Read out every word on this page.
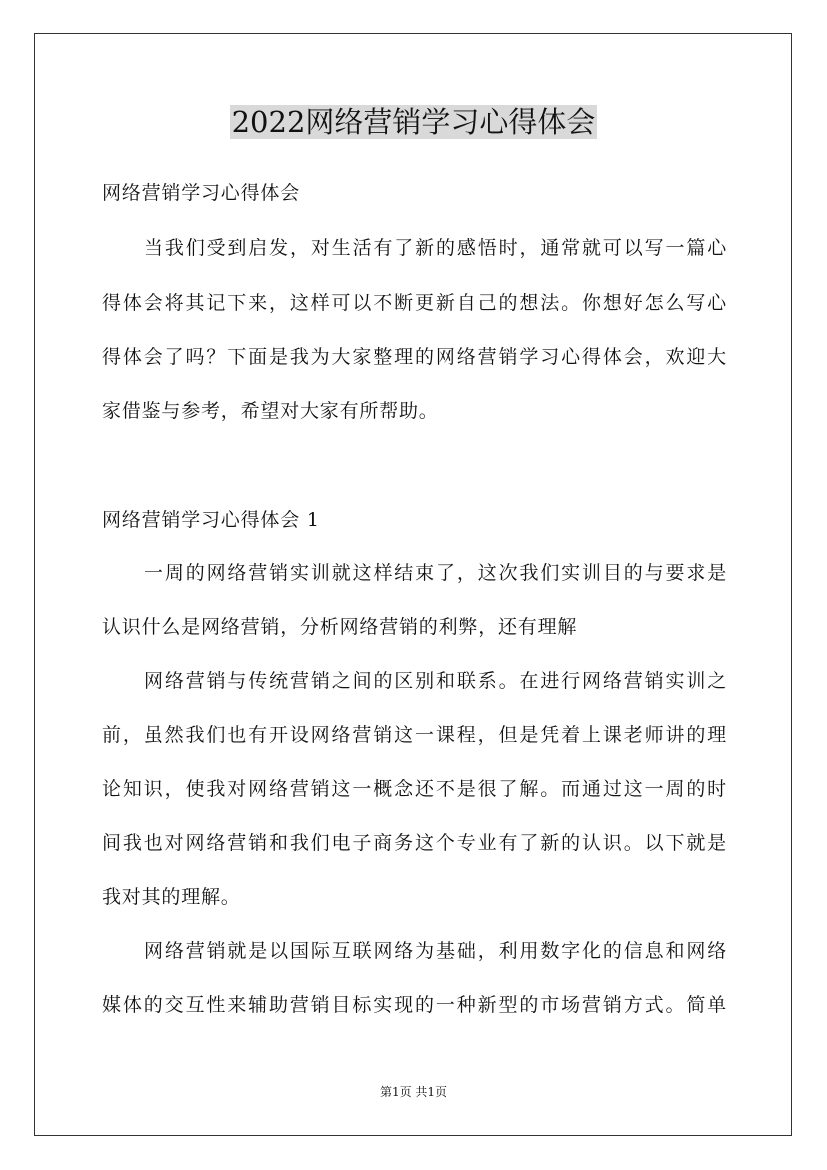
2022网络营销学习心得体会
网络营销学习心得体会
当我们受到启发，对生活有了新的感悟时，通常就可以写一篇心
得体会将其记下来，这样可以不断更新自己的想法。你想好怎么写心
得体会了吗？下面是我为大家整理的网络营销学习心得体会，欢迎大
家借鉴与参考，希望对大家有所帮助。
网络营销学习心得体会 1
一周的网络营销实训就这样结束了，这次我们实训目的与要求是
认识什么是网络营销，分析网络营销的利弊，还有理解
网络营销与传统营销之间的区别和联系。在进行网络营销实训之
前，虽然我们也有开设网络营销这一课程，但是凭着上课老师讲的理
论知识，使我对网络营销这一概念还不是很了解。而通过这一周的时
间我也对网络营销和我们电子商务这个专业有了新的认识。以下就是
我对其的理解。
网络营销就是以国际互联网络为基础，利用数字化的信息和网络
媒体的交互性来辅助营销目标实现的一种新型的市场营销方式。简单
第1页 共1页
